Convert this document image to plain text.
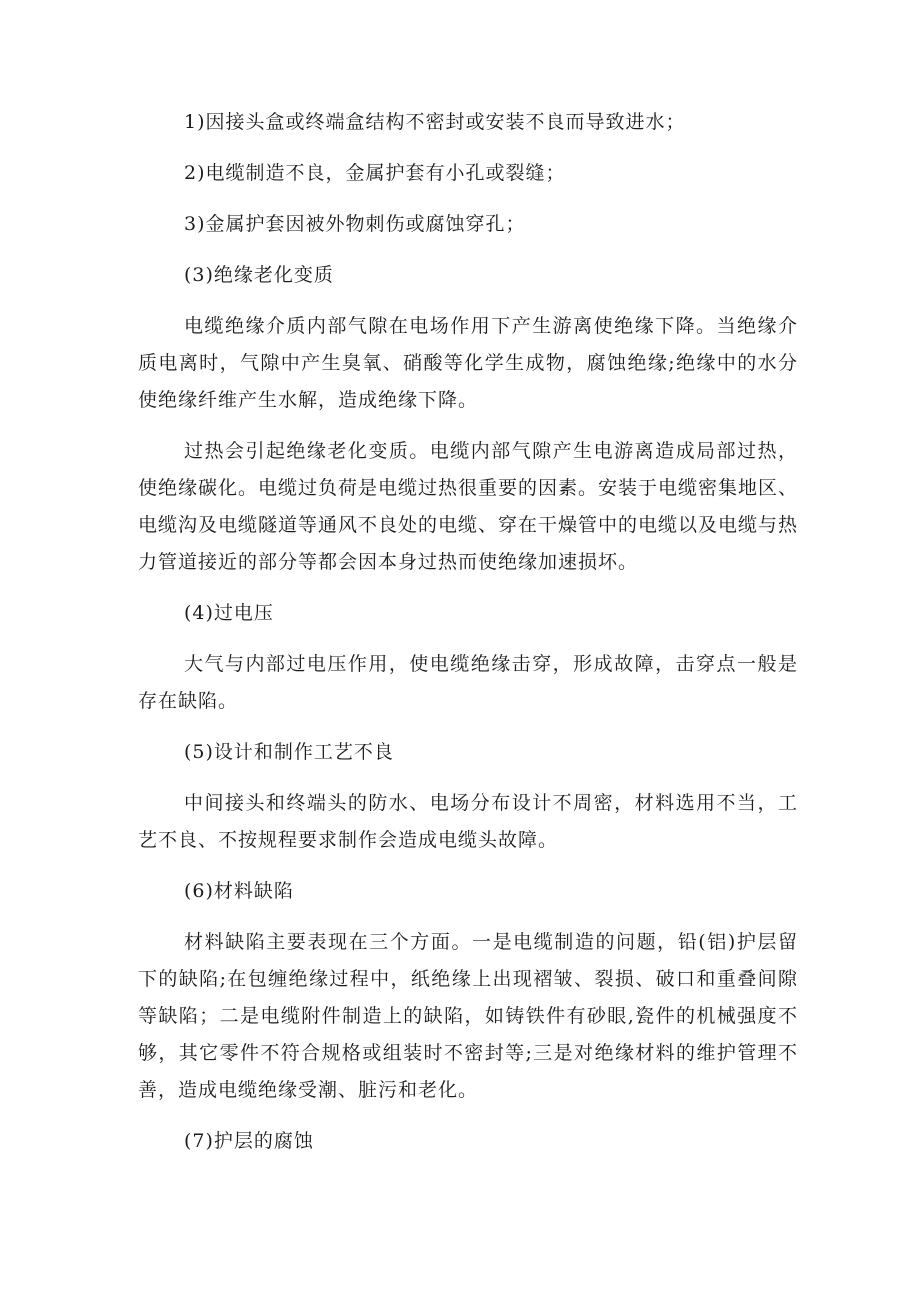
1)因接头盒或终端盒结构不密封或安装不良而导致进水；

2)电缆制造不良，金属护套有小孔或裂缝；

3)金属护套因被外物刺伤或腐蚀穿孔；

(3)绝缘老化变质

电缆绝缘介质内部气隙在电场作用下产生游离使绝缘下降。当绝缘介质电离时，气隙中产生臭氧、硝酸等化学生成物，腐蚀绝缘;绝缘中的水分使绝缘纤维产生水解，造成绝缘下降。

过热会引起绝缘老化变质。电缆内部气隙产生电游离造成局部过热，使绝缘碳化。电缆过负荷是电缆过热很重要的因素。安装于电缆密集地区、电缆沟及电缆隧道等通风不良处的电缆、穿在干燥管中的电缆以及电缆与热力管道接近的部分等都会因本身过热而使绝缘加速损坏。

(4)过电压

大气与内部过电压作用，使电缆绝缘击穿，形成故障，击穿点一般是存在缺陷。

(5)设计和制作工艺不良

中间接头和终端头的防水、电场分布设计不周密，材料选用不当，工艺不良、不按规程要求制作会造成电缆头故障。

(6)材料缺陷

材料缺陷主要表现在三个方面。一是电缆制造的问题，铅(铝)护层留下的缺陷;在包缠绝缘过程中，纸绝缘上出现褶皱、裂损、破口和重叠间隙等缺陷；二是电缆附件制造上的缺陷，如铸铁件有砂眼,瓷件的机械强度不够，其它零件不符合规格或组装时不密封等;三是对绝缘材料的维护管理不善，造成电缆绝缘受潮、脏污和老化。

(7)护层的腐蚀
